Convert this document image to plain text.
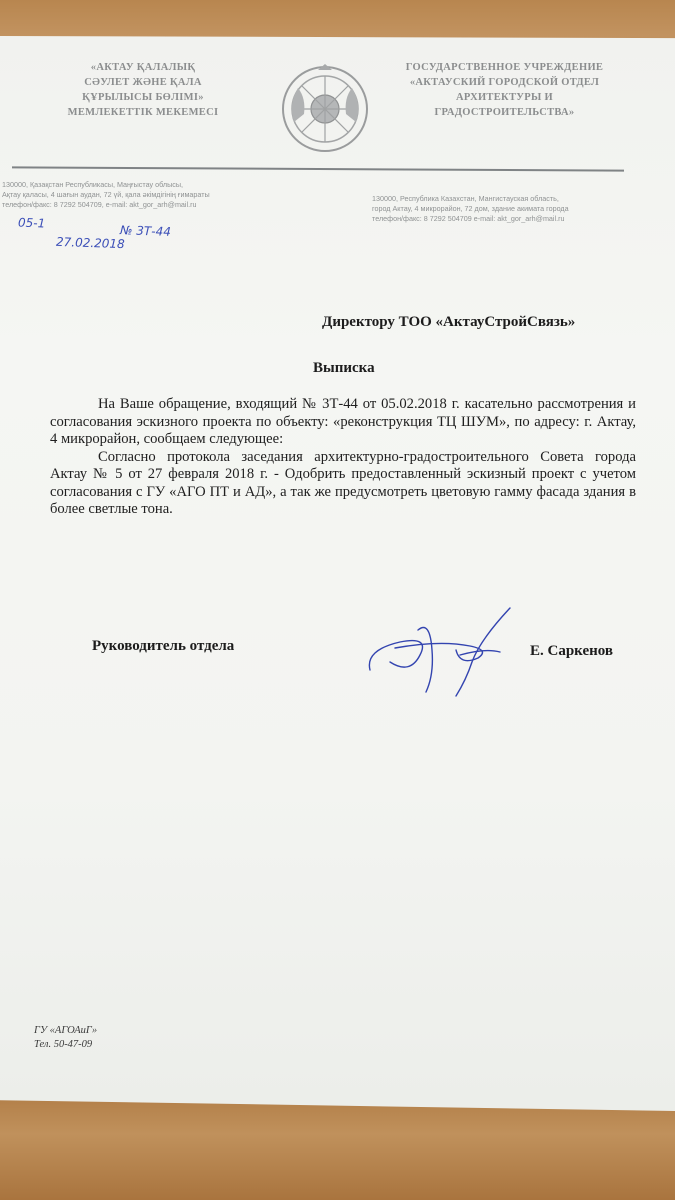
«АКТАУ ҚАЛАЛЫҚ
СӘУЛЕТ ЖӘНЕ ҚАЛА
ҚҰРЫЛЫСЫ БӨЛІМІ»
МЕМЛЕКЕТТІК МЕКЕМЕСІ
ГОСУДАРСТВЕННОЕ УЧРЕЖДЕНИЕ
«АКТАУСКИЙ ГОРОДСКОЙ ОТДЕЛ
АРХИТЕКТУРЫ И
ГРАДОСТРОИТЕЛЬСТВА»
130000, Қазақстан Республикасы, Маңғыстау облысы,
Ақтау қаласы, 4 шағын аудан, 72 үй, қала әкімдігінің ғимараты
телефон/факс: 8 7292 504709, e-mail: akt_gor_arh@mail.ru
130000, Республика Казахстан, Мангистауская область,
город Актау, 4 микрорайон, 72 дом, здание акимата города
телефон/факс: 8 7292 504709 e-mail: akt_gor_arh@mail.ru
05-1
№ 3Т-44
27.02.2018
Директору ТОО «АктауСтройСвязь»
Выписка

На Ваше обращение, входящий № 3Т-44 от 05.02.2018 г. касательно рассмотрения и согласования эскизного проекта по объекту: «реконструкция ТЦ ШУМ», по адресу: г. Актау, 4 микрорайон, сообщаем следующее:

Согласно протокола заседания архитектурно-градостроительного Совета города Актау № 5 от 27 февраля 2018 г. - Одобрить предоставленный эскизный проект с учетом согласования с ГУ «АГО ПТ и АД», а так же предусмотреть цветовую гамму фасада здания в более светлые тона.

Руководитель отдела	Е. Саркенов
ГУ «АГОАиГ»
Тел. 50-47-09
